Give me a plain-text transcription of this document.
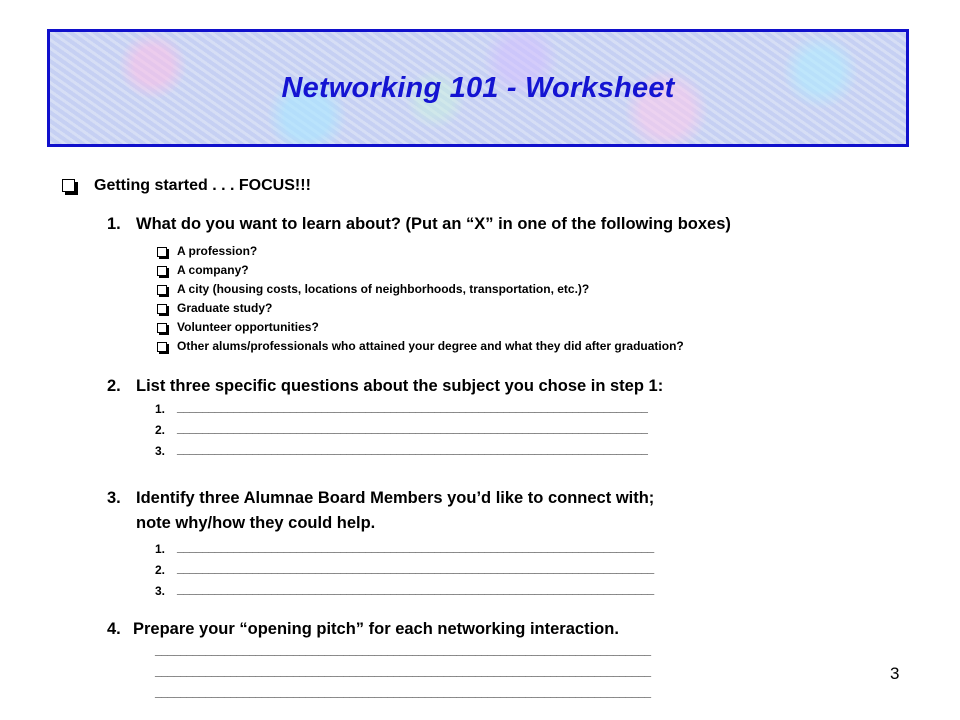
Networking 101 - Worksheet
Getting started . . . FOCUS!!!
1. What do you want to learn about? (Put an “X” in one of the following boxes)
A profession?
A company?
A city (housing costs, locations of neighborhoods, transportation, etc.)?
Graduate study?
Volunteer opportunities?
Other alums/professionals who attained your degree and what they did after graduation?
2. List three specific questions about the subject you chose in step 1:
1. ___________________________________________________________________________
2. ___________________________________________________________________________
3. ___________________________________________________________________________
3. Identify three Alumnae Board Members you’d like to connect with;
note why/how they could help.
1. ____________________________________________________________________________
2. ____________________________________________________________________________
3. ____________________________________________________________________________
4. Prepare your “opening pitch” for each networking interaction.
_______________________________________________________________________________
_______________________________________________________________________________
_______________________________________________________________________________
3
